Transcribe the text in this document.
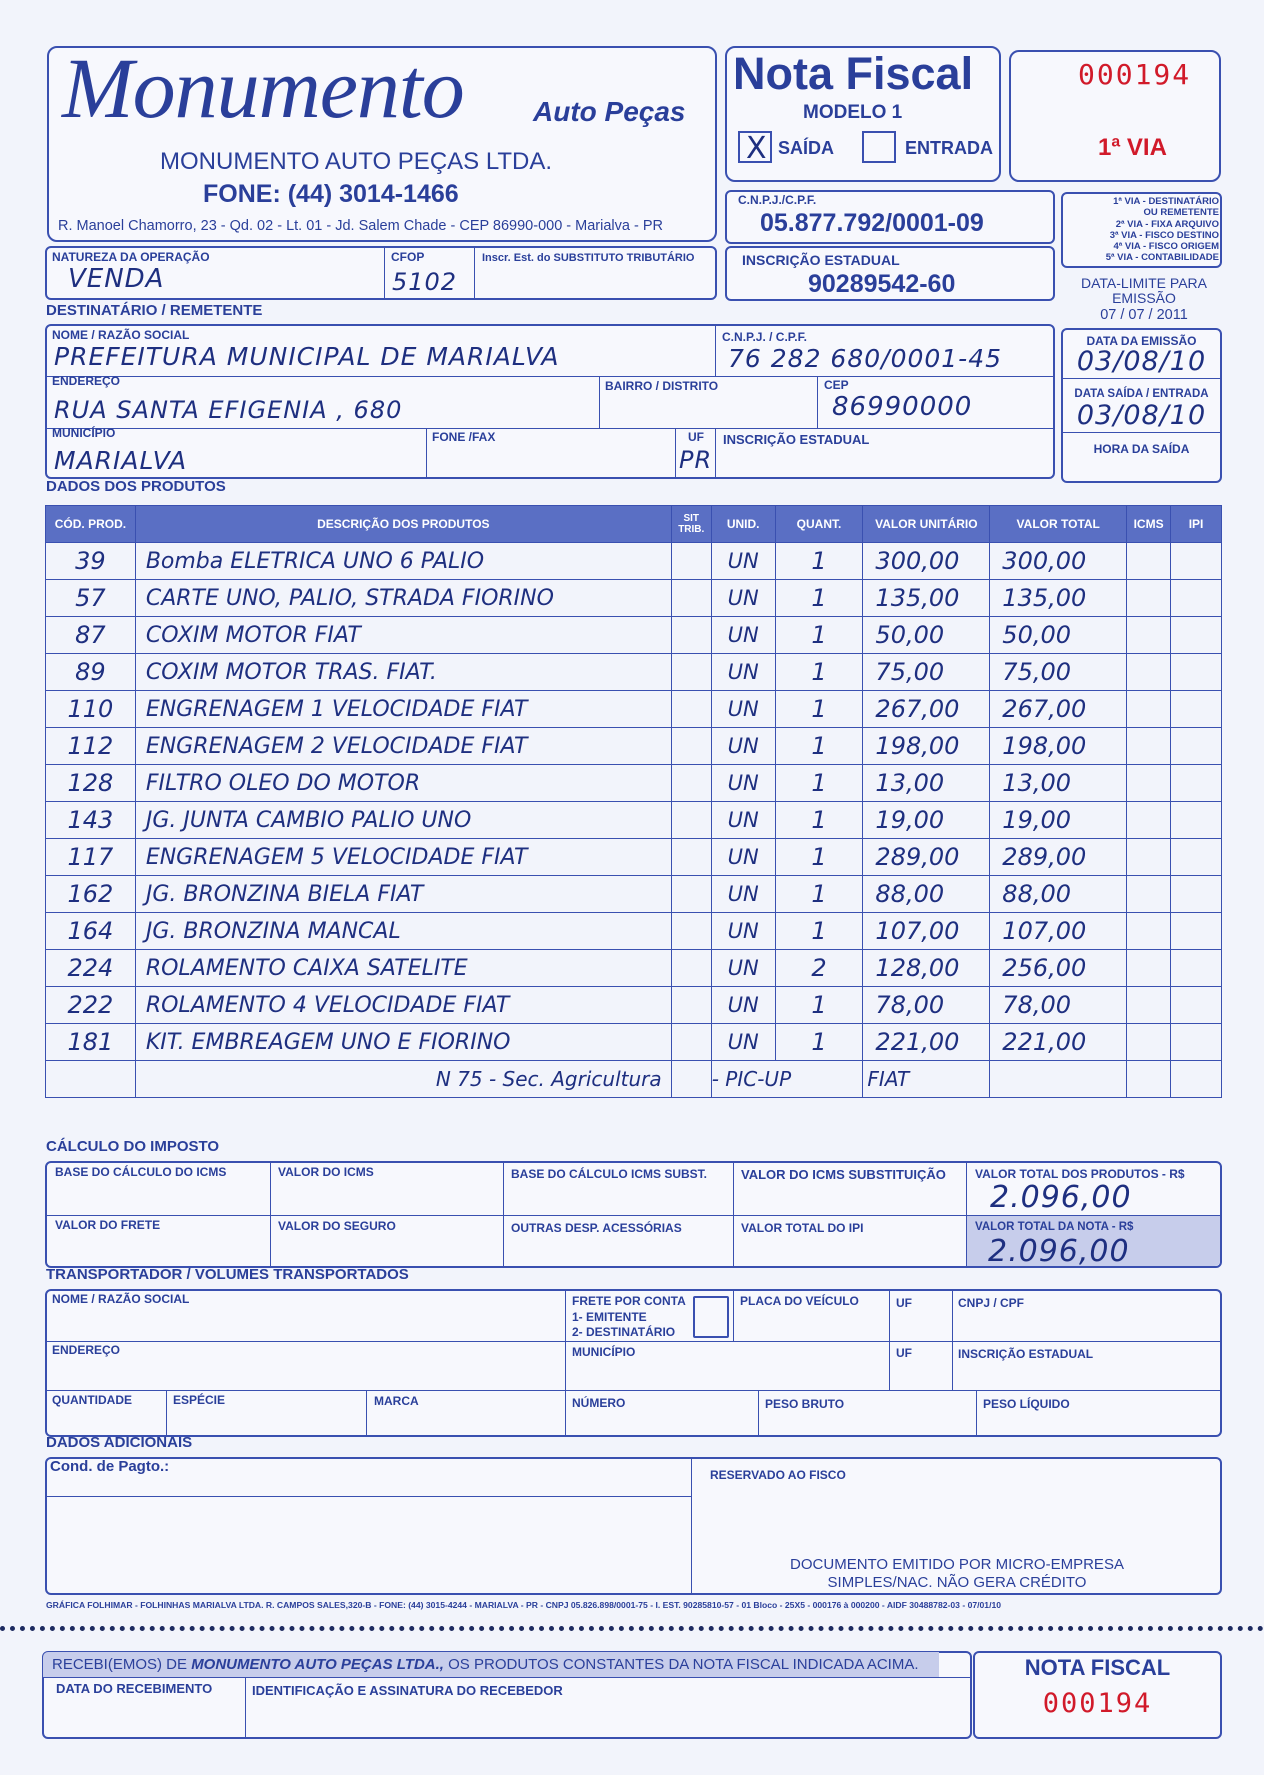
Monumento Auto Peças
MONUMENTO AUTO PEÇAS LTDA.
FONE: (44) 3014-1466
R. Manoel Chamorro, 23 - Qd. 02 - Lt. 01 - Jd. Salem Chade - CEP 86990-000 - Marialva - PR
Nota Fiscal
MODELO 1
X SAÍDA	ENTRADA
000194
1ª VIA
C.N.P.J./C.P.F.
05.877.792/0001-09
INSCRIÇÃO ESTADUAL
90289542-60
1ª VIA - DESTINATÁRIO
OU REMETENTE
2ª VIA - FIXA ARQUIVO
3ª VIA - FISCO DESTINO
4ª VIA - FISCO ORIGEM
5ª VIA - CONTABILIDADE
DATA-LIMITE PARA EMISSÃO
07 / 07 / 2011
NATUREZA DA OPERAÇÃO
VENDA
CFOP
5102
Inscr. Est. do SUBSTITUTO TRIBUTÁRIO
DESTINATÁRIO / REMETENTE
NOME / RAZÃO SOCIAL
PREFEITURA MUNICIPAL DE MARIALVA
C.N.P.J. / C.P.F.
76 282 680/0001-45
ENDEREÇO
RUA SANTA EFIGENIA , 680
BAIRRO / DISTRITO	CEP
86990000
MUNICÍPIO
MARIALVA
FONE /FAX	UF
PR
INSCRIÇÃO ESTADUAL
DATA DA EMISSÃO
03/08/10
DATA SAÍDA / ENTRADA
03/08/10
HORA DA SAÍDA
DADOS DOS PRODUTOS
CÓD. PROD.	DESCRIÇÃO DOS PRODUTOS	SIT TRIB.	UNID.	QUANT.	VALOR UNITÁRIO	VALOR TOTAL	ICMS	IPI
39	Bomba ELETRICA UNO 6 PALIO		UN	1	300,00	300,00		
57	CARTE UNO, PALIO, STRADA FIORINO		UN	1	135,00	135,00		
87	COXIM MOTOR FIAT		UN	1	50,00	50,00		
89	COXIM MOTOR TRAS. FIAT.		UN	1	75,00	75,00		
110	ENGRENAGEM 1 VELOCIDADE FIAT		UN	1	267,00	267,00		
112	ENGRENAGEM 2 VELOCIDADE FIAT		UN	1	198,00	198,00		
128	FILTRO OLEO DO MOTOR		UN	1	13,00	13,00		
143	JG. JUNTA CAMBIO PALIO UNO		UN	1	19,00	19,00		
117	ENGRENAGEM 5 VELOCIDADE FIAT		UN	1	289,00	289,00		
162	JG. BRONZINA BIELA FIAT		UN	1	88,00	88,00		
164	JG. BRONZINA MANCAL		UN	1	107,00	107,00		
224	ROLAMENTO CAIXA SATELITE		UN	2	128,00	256,00		
222	ROLAMENTO 4 VELOCIDADE FIAT		UN	1	78,00	78,00		
181	KIT. EMBREAGEM UNO E FIORINO		UN	1	221,00	221,00		
	N 75 - Sec. Agricultura		- PIC-UP		FIAT			
CÁLCULO DO IMPOSTO
BASE DO CÁLCULO DO ICMS	VALOR DO ICMS	BASE DO CÁLCULO ICMS SUBST.	VALOR DO ICMS SUBSTITUIÇÃO VALOR TOTAL DOS PRODUTOS - R$
2.096,00
VALOR DO FRETE	VALOR DO SEGURO	OUTRAS DESP. ACESSÓRIAS	VALOR TOTAL DO IPI	VALOR TOTAL DA NOTA - R$
2.096,00
TRANSPORTADOR / VOLUMES TRANSPORTADOS
NOME / RAZÃO SOCIAL	FRETE POR CONTA
1- EMITENTE
2- DESTINATÁRIO
PLACA DO VEÍCULO	UF	CNPJ / CPF
ENDEREÇO	MUNICÍPIO	UF	INSCRIÇÃO ESTADUAL
QUANTIDADE	ESPÉCIE	MARCA	NÚMERO	PESO BRUTO	PESO LÍQUIDO
DADOS ADICIONAIS
Cond. de Pagto.:	RESERVADO AO FISCO
DOCUMENTO EMITIDO POR MICRO-EMPRESA
SIMPLES/NAC. NÃO GERA CRÉDITO
GRÁFICA FOLHIMAR - FOLHINHAS MARIALVA LTDA. R. CAMPOS SALES,320-B - FONE: (44) 3015-4244 - MARIALVA - PR - CNPJ 05.826.898/0001-75 - I. EST. 90285810-57 - 01 Bloco - 25X5 - 000176 à 000200 - AIDF 30488782-03 - 07/01/10
RECEBI(EMOS) DE MONUMENTO AUTO PEÇAS LTDA., OS PRODUTOS CONSTANTES DA NOTA FISCAL INDICADA ACIMA.
DATA DO RECEBIMENTO	IDENTIFICAÇÃO E ASSINATURA DO RECEBEDOR
NOTA FISCAL
000194
